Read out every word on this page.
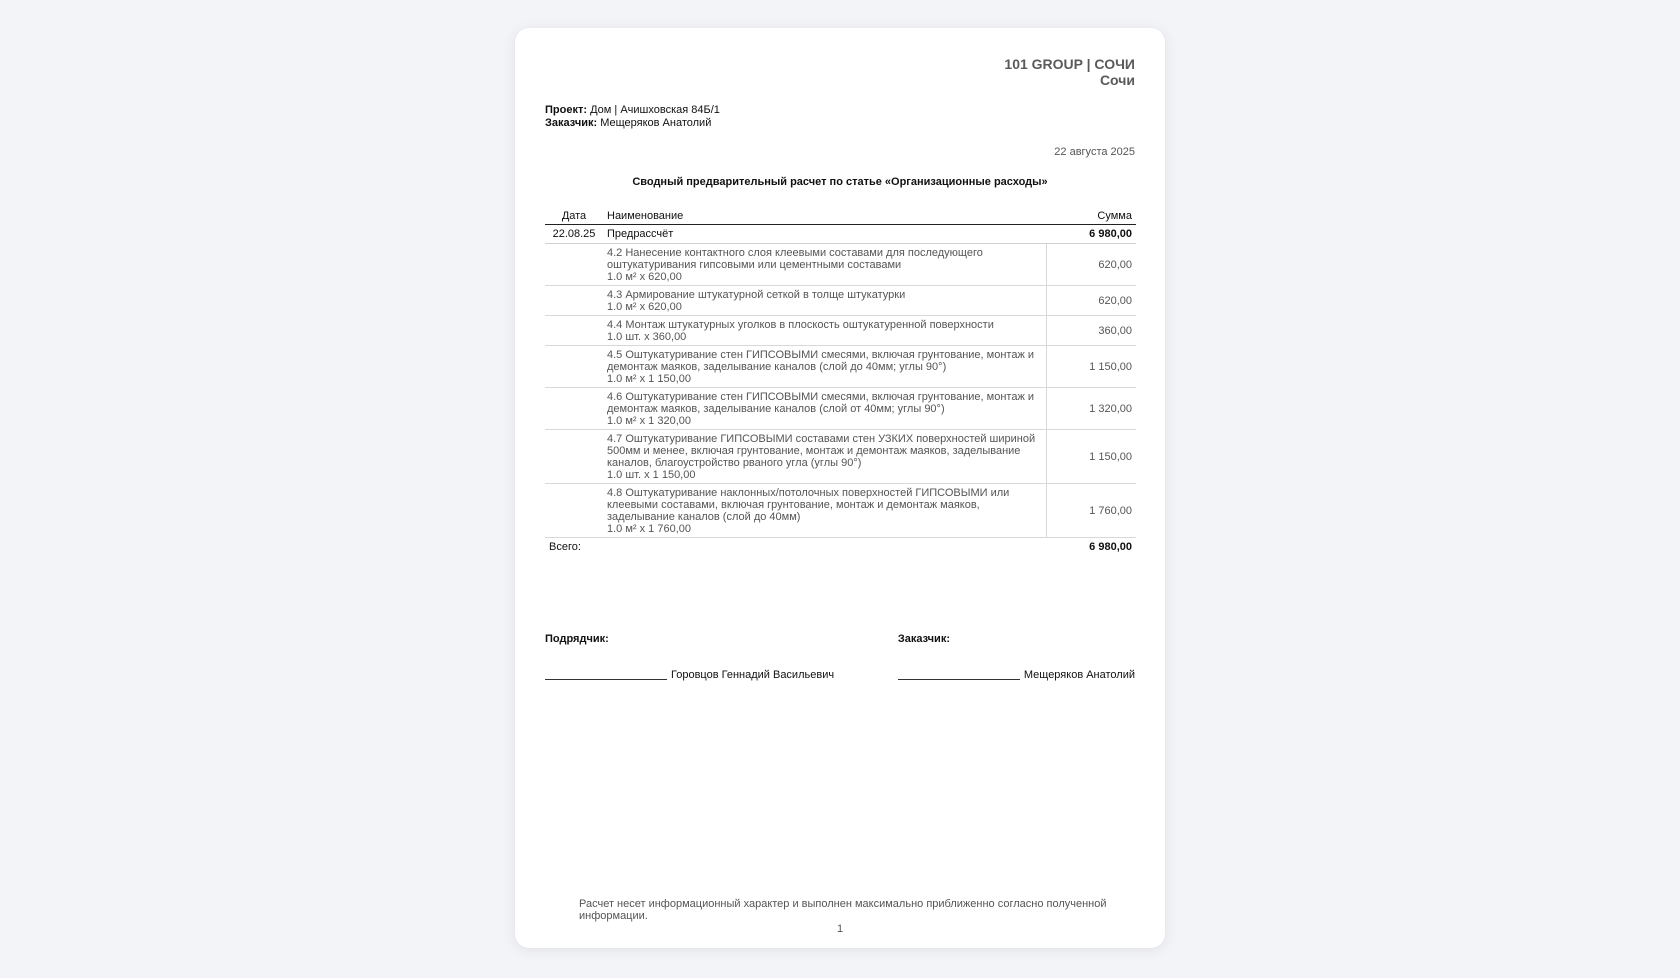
101 GROUP | СОЧИ
Сочи
Проект: Дом | Ачишховская 84Б/1
Заказчик: Мещеряков Анатолий
22 августа 2025
Сводный предварительный расчет по статье «Организационные расходы»
Дата	Наименование	Сумма
22.08.25	Предрассчёт	6 980,00

	4.2 Нанесение контактного слоя клеевыми составами для последующего оштукатуривания гипсовыми или цементными составами
1.0 м² x 620,00	620,00

	4.3 Армирование штукатурной сеткой в толще штукатурки
1.0 м² x 620,00	620,00

	4.4 Монтаж штукатурных уголков в плоскость оштукатуренной поверхности
1.0 шт. x 360,00	360,00

	4.5 Оштукатуривание стен ГИПСОВЫМИ смесями, включая грунтование, монтаж и демонтаж маяков, заделывание каналов (слой до 40мм; углы 90°)
1.0 м² x 1 150,00	1 150,00

	4.6 Оштукатуривание стен ГИПСОВЫМИ смесями, включая грунтование, монтаж и демонтаж маяков, заделывание каналов (слой от 40мм; углы 90°)
1.0 м² x 1 320,00	1 320,00

	4.7 Оштукатуривание ГИПСОВЫМИ составами стен УЗКИХ поверхностей шириной 500мм и менее, включая грунтование, монтаж и демонтаж маяков, заделывание каналов, благоустройство рваного угла (углы 90°)
1.0 шт. x 1 150,00	1 150,00

	4.8 Оштукатуривание наклонных/потолочных поверхностей ГИПСОВЫМИ или клеевыми составами, включая грунтование, монтаж и демонтаж маяков, заделывание каналов (слой до 40мм)
1.0 м² x 1 760,00	1 760,00
Всего:		6 980,00
Подрядчик:
Горовцов Геннадий Васильевич
Заказчик:
Мещеряков Анатолий
Расчет несет информационный характер и выполнен максимально приближенно согласно полученной информации.
1
